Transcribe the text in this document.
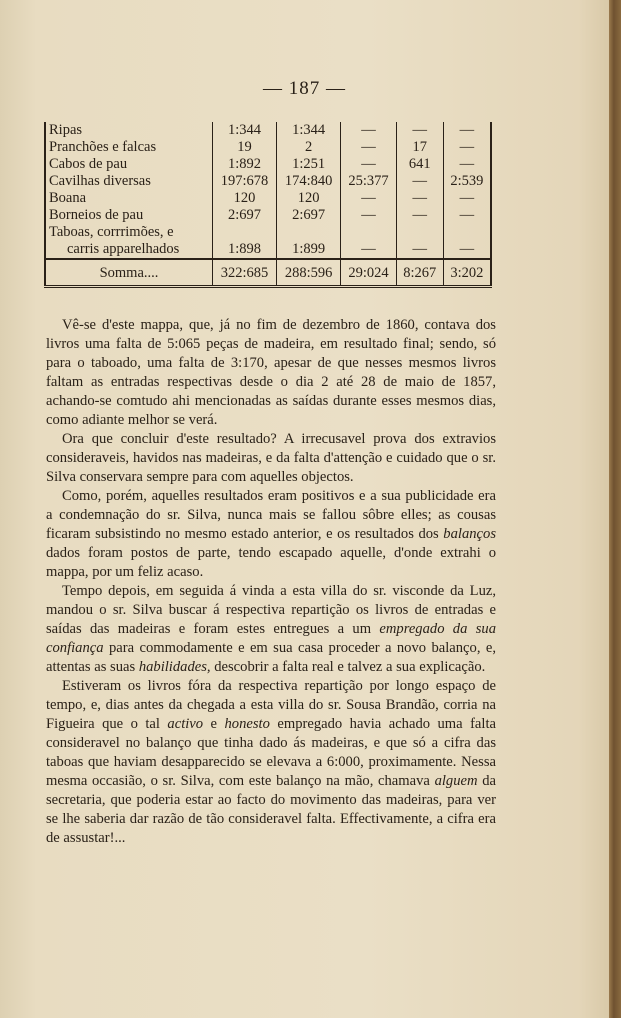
— 187 —
Ripas	1:344	1:344	—	—	—
Pranchões e falcas	19	2	—	17	—
Cabos de pau	1:892	1:251	—	641	—
Cavilhas diversas	197:678	174:840	25:377	—	2:539
Boana	120	120	—	—	—
Borneios de pau	2:697	2:697	—	—	—
Taboas, corrrimões, e					
carris apparelhados	1:898	1:899	—	—	—
Somma....	322:685	288:596	29:024	8:267	3:202

Vê-se d'este mappa, que, já no fim de dezembro de 1860, contava dos livros uma falta de 5:065 peças de madeira, em resultado final; sendo, só para o taboado, uma falta de 3:170, apesar de que nesses mesmos livros faltam as entradas respectivas desde o dia 2 até 28 de maio de 1857, achando-se comtudo ahi mencionadas as saídas durante esses mesmos dias, como adiante melhor se verá.

Ora que concluir d'este resultado? A irrecusavel prova dos extravios consideraveis, havidos nas madeiras, e da falta d'attenção e cuidado que o sr. Silva conservara sempre para com aquelles objectos.

Como, porém, aquelles resultados eram positivos e a sua publicidade era a condemnação do sr. Silva, nunca mais se fallou sôbre elles; as cousas ficaram subsistindo no mesmo estado anterior, e os resultados dos balanços dados foram postos de parte, tendo escapado aquelle, d'onde extrahi o mappa, por um feliz acaso.

Tempo depois, em seguida á vinda a esta villa do sr. visconde da Luz, mandou o sr. Silva buscar á respectiva repartição os livros de entradas e saídas das madeiras e foram estes entregues a um empregado da sua confiança para commodamente e em sua casa proceder a novo balanço, e, attentas as suas habilidades, descobrir a falta real e talvez a sua explicação.

Estiveram os livros fóra da respectiva repartição por longo espaço de tempo, e, dias antes da chegada a esta villa do sr. Sousa Brandão, corria na Figueira que o tal activo e honesto empregado havia achado uma falta consideravel no balanço que tinha dado ás madeiras, e que só a cifra das taboas que haviam desapparecido se elevava a 6:000, proximamente. Nessa mesma occasião, o sr. Silva, com este balanço na mão, chamava alguem da secretaria, que poderia estar ao facto do movimento das madeiras, para ver se lhe saberia dar razão de tão consideravel falta. Effectivamente, a cifra era de assustar!...
